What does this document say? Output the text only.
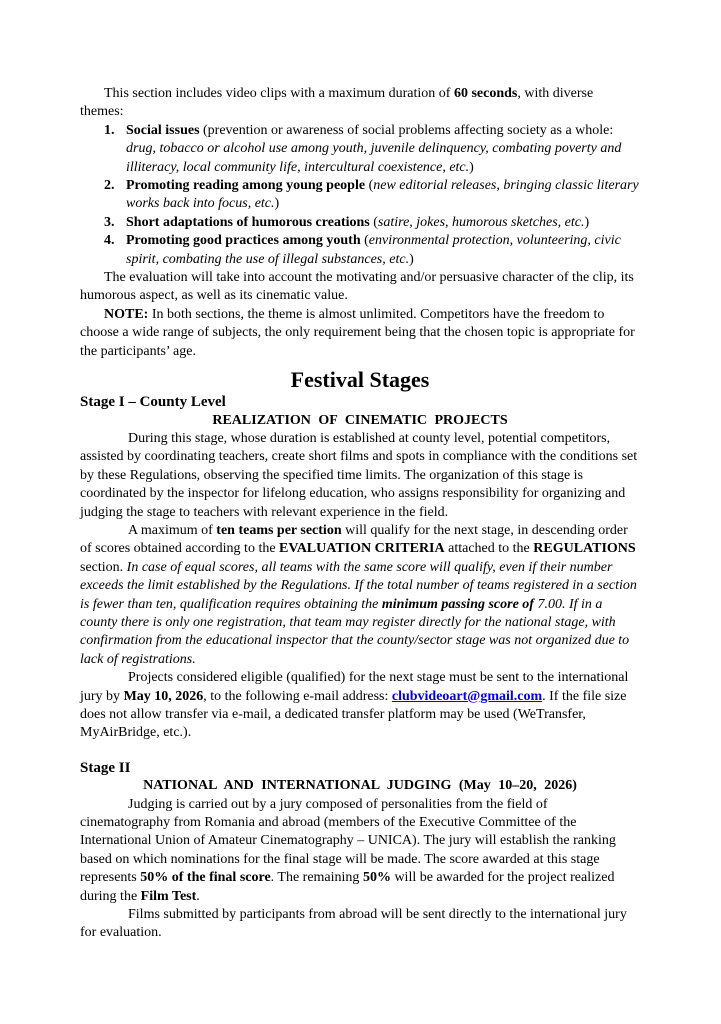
This section includes video clips with a maximum duration of 60 seconds, with diverse themes:

1. Social issues (prevention or awareness of social problems affecting society as a whole: drug, tobacco or alcohol use among youth, juvenile delinquency, combating poverty and illiteracy, local community life, intercultural coexistence, etc.)
2. Promoting reading among young people (new editorial releases, bringing classic literary works back into focus, etc.)
3. Short adaptations of humorous creations (satire, jokes, humorous sketches, etc.)
4. Promoting good practices among youth (environmental protection, volunteering, civic spirit, combating the use of illegal substances, etc.)

The evaluation will take into account the motivating and/or persuasive character of the clip, its humorous aspect, as well as its cinematic value.

NOTE: In both sections, the theme is almost unlimited. Competitors have the freedom to choose a wide range of subjects, the only requirement being that the chosen topic is appropriate for the participants’ age.

Festival Stages
Stage I – County Level
REALIZATION OF CINEMATIC PROJECTS

During this stage, whose duration is established at county level, potential competitors, assisted by coordinating teachers, create short films and spots in compliance with the conditions set by these Regulations, observing the specified time limits. The organization of this stage is coordinated by the inspector for lifelong education, who assigns responsibility for organizing and judging the stage to teachers with relevant experience in the field.

A maximum of ten teams per section will qualify for the next stage, in descending order of scores obtained according to the EVALUATION CRITERIA attached to the REGULATIONS section. In case of equal scores, all teams with the same score will qualify, even if their number exceeds the limit established by the Regulations. If the total number of teams registered in a section is fewer than ten, qualification requires obtaining the minimum passing score of 7.00. If in a county there is only one registration, that team may register directly for the national stage, with confirmation from the educational inspector that the county/sector stage was not organized due to lack of registrations.

Projects considered eligible (qualified) for the next stage must be sent to the international jury by May 10, 2026, to the following e-mail address: clubvideoart@gmail.com. If the file size does not allow transfer via e-mail, a dedicated transfer platform may be used (WeTransfer, MyAirBridge, etc.).

Stage II
NATIONAL AND INTERNATIONAL JUDGING (May 10–20, 2026)

Judging is carried out by a jury composed of personalities from the field of cinematography from Romania and abroad (members of the Executive Committee of the International Union of Amateur Cinematography – UNICA). The jury will establish the ranking based on which nominations for the final stage will be made. The score awarded at this stage represents 50% of the final score. The remaining 50% will be awarded for the project realized during the Film Test.

Films submitted by participants from abroad will be sent directly to the international jury for evaluation.
